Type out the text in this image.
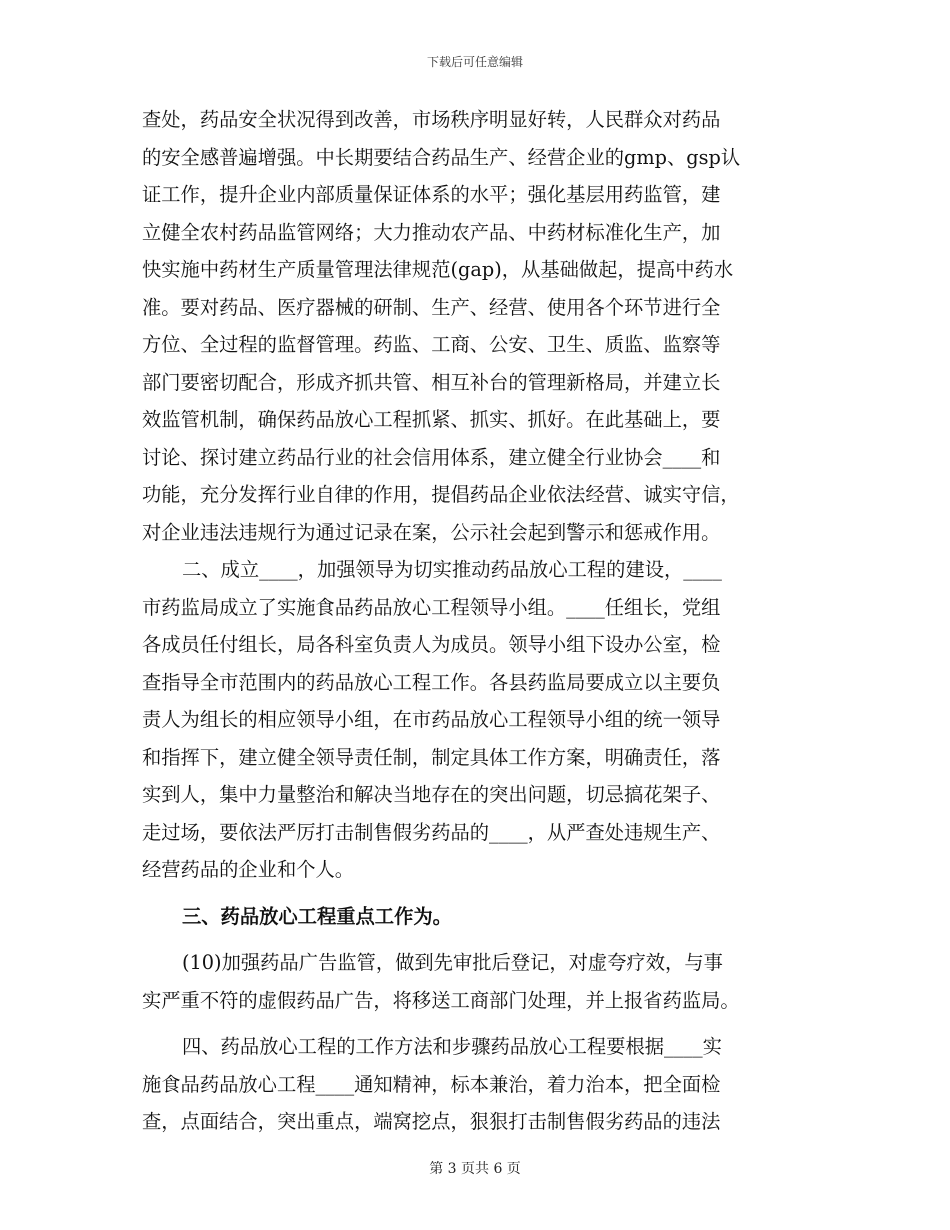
下载后可任意编辑
查处，药品安全状况得到改善，市场秩序明显好转，人民群众对药品
的安全感普遍增强。中长期要结合药品生产、经营企业的gmp、gsp认
证工作，提升企业内部质量保证体系的水平；强化基层用药监管，建
立健全农村药品监管网络；大力推动农产品、中药材标准化生产，加
快实施中药材生产质量管理法律规范(gap)，从基础做起，提高中药水
准。要对药品、医疗器械的研制、生产、经营、使用各个环节进行全
方位、全过程的监督管理。药监、工商、公安、卫生、质监、监察等
部门要密切配合，形成齐抓共管、相互补台的管理新格局，并建立长
效监管机制，确保药品放心工程抓紧、抓实、抓好。在此基础上，要
讨论、探讨建立药品行业的社会信用体系，建立健全行业协会____和
功能，充分发挥行业自律的作用，提倡药品企业依法经营、诚实守信，
对企业违法违规行为通过记录在案，公示社会起到警示和惩戒作用。
二、成立____，加强领导为切实推动药品放心工程的建设，____
市药监局成立了实施食品药品放心工程领导小组。____任组长，党组
各成员任付组长，局各科室负责人为成员。领导小组下设办公室，检
查指导全市范围内的药品放心工程工作。各县药监局要成立以主要负
责人为组长的相应领导小组，在市药品放心工程领导小组的统一领导
和指挥下，建立健全领导责任制，制定具体工作方案，明确责任，落
实到人，集中力量整治和解决当地存在的突出问题，切忌搞花架子、
走过场，要依法严厉打击制售假劣药品的____，从严查处违规生产、
经营药品的企业和个人。
三、药品放心工程重点工作为。
(10)加强药品广告监管，做到先审批后登记，对虚夸疗效，与事
实严重不符的虚假药品广告，将移送工商部门处理，并上报省药监局。
四、药品放心工程的工作方法和步骤药品放心工程要根据____实
施食品药品放心工程____通知精神，标本兼治，着力治本，把全面检
查，点面结合，突出重点，端窝挖点，狠狠打击制售假劣药品的违法
第 3 页共 6 页
